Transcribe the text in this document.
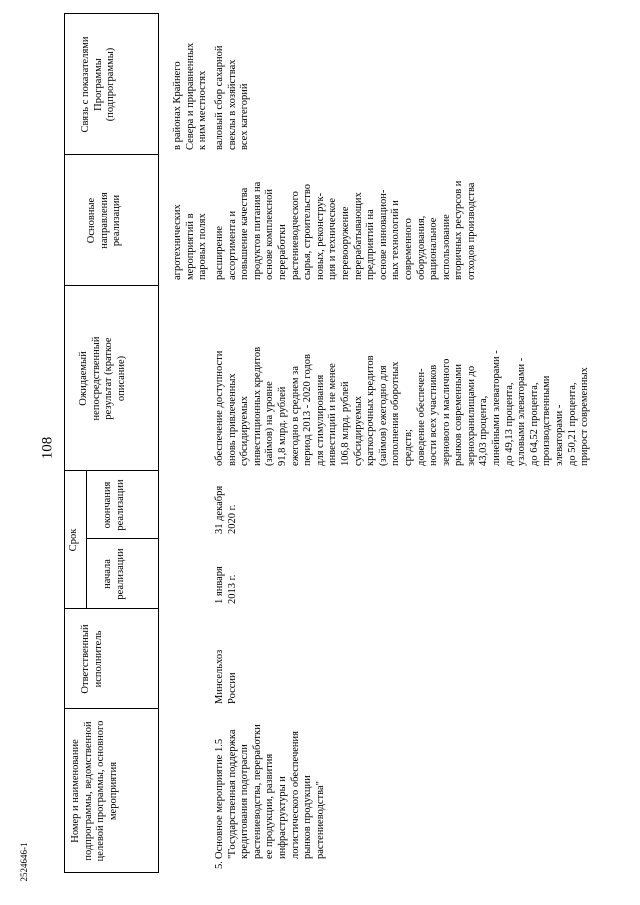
108
2524646-1
Номер и наименование
подпрограммы, ведомственной
целевой программы, основного
мероприятия
Ответственный
исполнитель
Срок
начала
реализации
окончания
реализации
Ожидаемый
непосредственный
результат (краткое
описание)
Основные
направления
реализации
Связь с показателями
Программы
(подпрограммы)
агротехнических
мероприятий в
паровых полях
в районах Крайнего
Севера и приравненных
к ним местностях
5.
Основное мероприятие 1.5
"Государственная поддержка
кредитования подотрасли
растениеводства, переработки
ее продукции, развития
инфраструктуры и
логистического обеспечения
рынков продукции
растениеводства"
Минсельхоз
России
1 января
2013 г.
31 декабря
2020 г.
обеспечение доступности
вновь привлеченных
субсидируемых
инвестиционных кредитов
(займов) на уровне
91,8 млрд. рублей
ежегодно в среднем за
период 2013 - 2020 годов
для стимулирования
инвестиций и не менее
106,8 млрд. рублей
субсидируемых
краткосрочных кредитов
(займов) ежегодно для
пополнения оборотных
средств;
доведение обеспечен-
ности всех участников
зернового и масличного
рынков современными
зернохранилищами до
43,03 процента,
линейными элеваторами -
до 49,13 процента,
узловыми элеваторами -
до 64,52 процента,
производственными
элеваторами -
до 50,21 процента,
прирост современных
расширение
ассортимента и
повышение качества
продуктов питания на
основе комплексной
переработки
растениеводческого
сырья, строительство
новых, реконструк-
ция и техническое
перевооружение
перерабатывающих
предприятий на
основе инновацион-
ных технологий и
современного
оборудования,
рациональное
использование
вторичных ресурсов и
отходов производства
валовый сбор сахарной
свеклы в хозяйствах
всех категорий
